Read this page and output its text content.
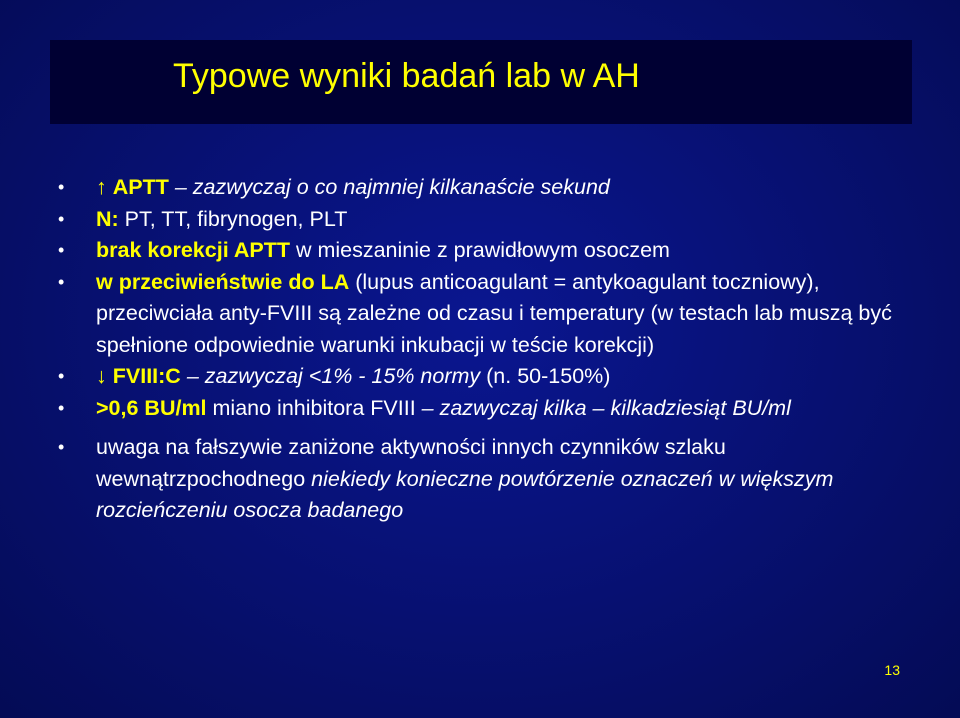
Typowe wyniki badań lab w AH
• ↑ APTT – zazwyczaj o co najmniej kilkanaście sekund
• N: PT, TT, fibrynogen, PLT
• brak korekcji APTT w mieszaninie z prawidłowym osoczem
• w przeciwieństwie do LA (lupus anticoagulant = antykoagulant toczniowy), przeciwciała anty-FVIII są zależne od czasu i temperatury (w testach lab muszą być spełnione odpowiednie warunki inkubacji w teście korekcji)
• ↓ FVIII:C – zazwyczaj <1% - 15% normy (n. 50-150%)
• >0,6 BU/ml miano inhibitora FVIII – zazwyczaj kilka – kilkadziesiąt BU/ml
• uwaga na fałszywie zaniżone aktywności innych czynników szlaku wewnątrzpochodnego niekiedy konieczne powtórzenie oznaczeń w większym rozcieńczeniu osocza badanego
13
